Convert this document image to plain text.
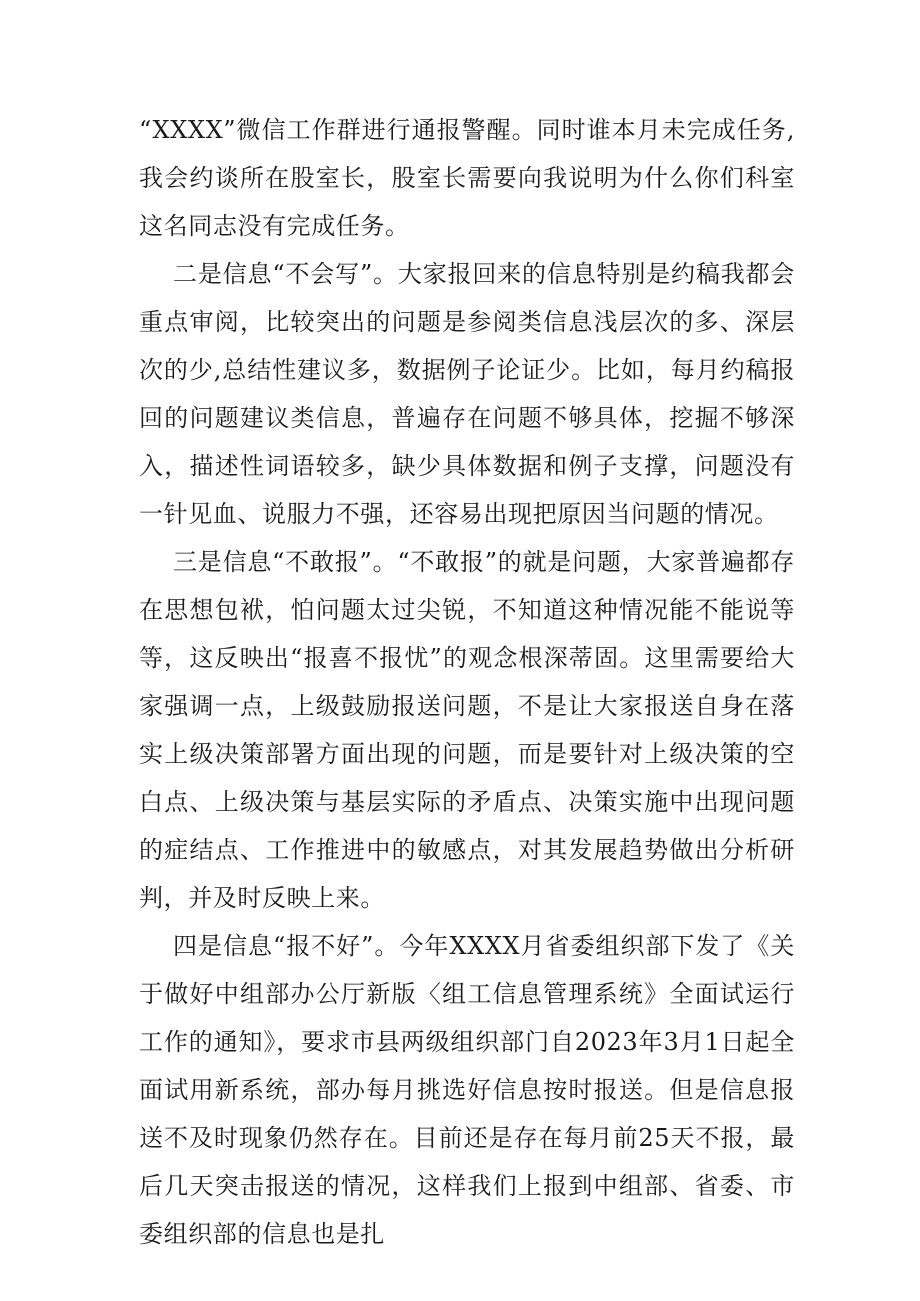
“XXXX”微信工作群进行通报警醒。同时谁本月未完成任务,我会约谈所在股室长，股室长需要向我说明为什么你们科室这名同志没有完成任务。

二是信息“不会写”。大家报回来的信息特别是约稿我都会重点审阅，比较突出的问题是参阅类信息浅层次的多、深层次的少,总结性建议多，数据例子论证少。比如，每月约稿报回的问题建议类信息，普遍存在问题不够具体，挖掘不够深入，描述性词语较多，缺少具体数据和例子支撑，问题没有一针见血、说服力不强，还容易出现把原因当问题的情况。

三是信息“不敢报”。“不敢报”的就是问题，大家普遍都存在思想包袱，怕问题太过尖锐，不知道这种情况能不能说等等，这反映出“报喜不报忧”的观念根深蒂固。这里需要给大家强调一点，上级鼓励报送问题，不是让大家报送自身在落实上级决策部署方面出现的问题，而是要针对上级决策的空白点、上级决策与基层实际的矛盾点、决策实施中出现问题的症结点、工作推进中的敏感点，对其发展趋势做出分析研判，并及时反映上来。

四是信息“报不好”。今年XXXX月省委组织部下发了《关于做好中组部办公厅新版〈组工信息管理系统》全面试运行工作的通知》，要求市县两级组织部门自2023年3月1日起全面试用新系统，部办每月挑选好信息按时报送。但是信息报送不及时现象仍然存在。目前还是存在每月前25天不报，最后几天突击报送的情况，这样我们上报到中组部、省委、市委组织部的信息也是扎
